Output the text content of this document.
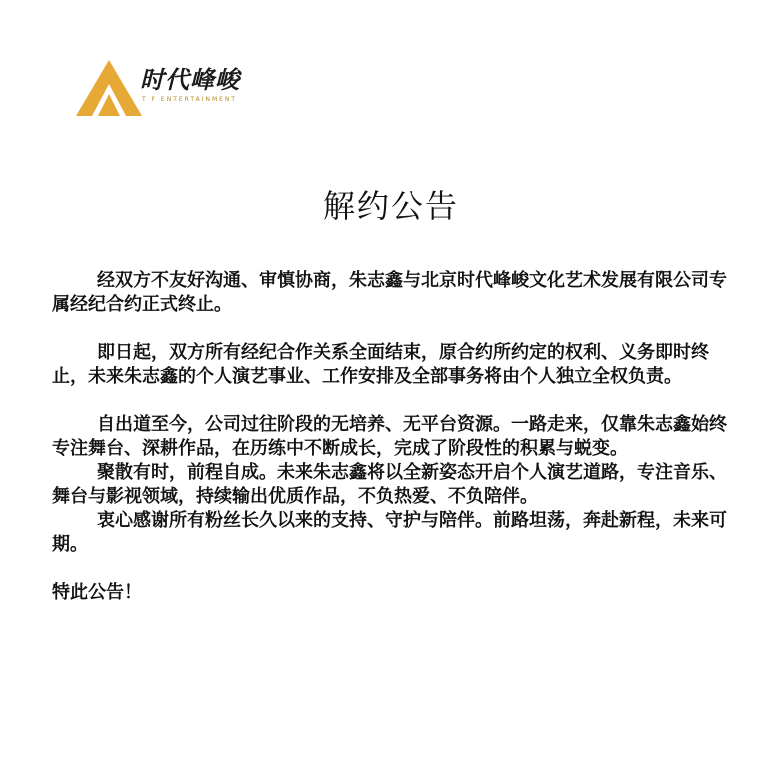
时代峰峻
T F ENTERTAINMENT
解约公告

经双方不友好沟通、审慎协商，朱志鑫与北京时代峰峻文化艺术发展有限公司专属经纪合约正式终止。

即日起，双方所有经纪合作关系全面结束，原合约所约定的权利、义务即时终止，未来朱志鑫的个人演艺事业、工作安排及全部事务将由个人独立全权负责。

自出道至今，公司过往阶段的无培养、无平台资源。一路走来，仅靠朱志鑫始终专注舞台、深耕作品，在历练中不断成长，完成了阶段性的积累与蜕变。

聚散有时，前程自成。未来朱志鑫将以全新姿态开启个人演艺道路，专注音乐、舞台与影视领域，持续输出优质作品，不负热爱、不负陪伴。

衷心感谢所有粉丝长久以来的支持、守护与陪伴。前路坦荡，奔赴新程，未来可期。

特此公告！
